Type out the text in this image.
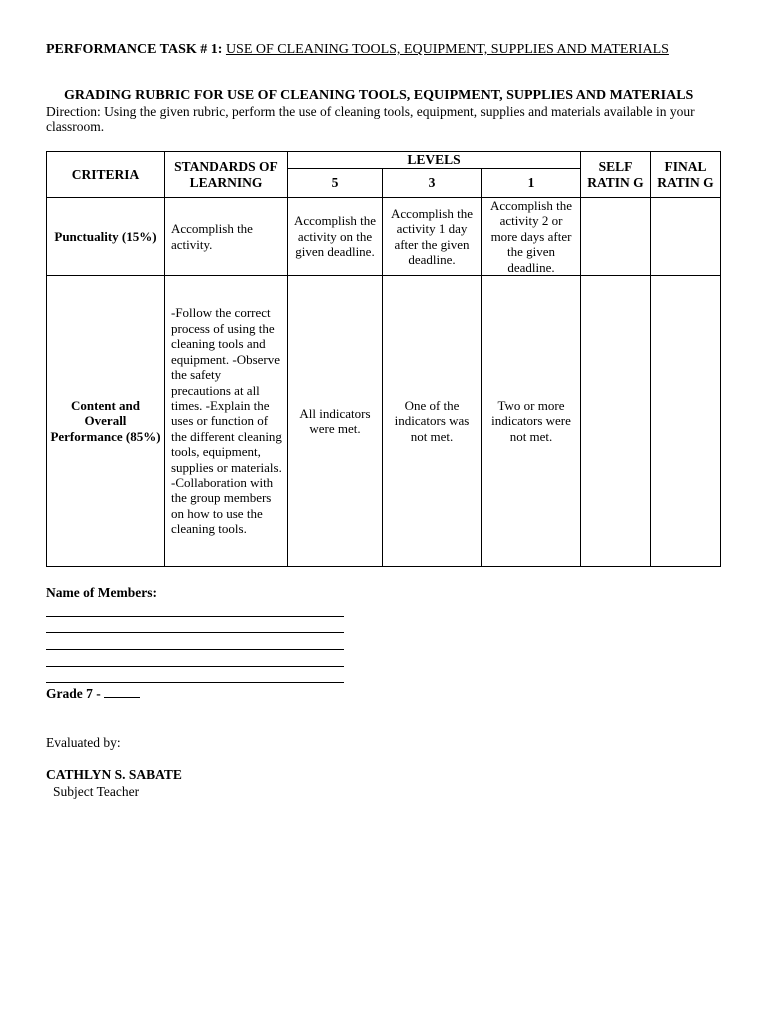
PERFORMANCE TASK # 1: USE OF CLEANING TOOLS, EQUIPMENT, SUPPLIES AND MATERIALS
GRADING RUBRIC FOR USE OF CLEANING TOOLS, EQUIPMENT, SUPPLIES AND MATERIALS
Direction: Using the given rubric, perform the use of cleaning tools, equipment, supplies and materials available in your classroom.
CRITERIA	STANDARDS OF LEARNING	LEVELS			SELF RATIN G	FINAL RATIN G
		5	3	1		
Punctuality (15%)	Accomplish the activity.	Accomplish the activity on the given deadline.	Accomplish the activity 1 day after the given deadline.	Accomplish the activity 2 or more days after the given deadline.		
Content and Overall Performance (85%)	-Follow the correct process of using the cleaning tools and equipment. -Observe the safety precautions at all times. -Explain the uses or function of the different cleaning tools, equipment, supplies or materials. -Collaboration with the group members on how to use the cleaning tools.	All indicators were met.	One of the indicators was not met.	Two or more indicators were not met.		
Name of Members:
Grade 7 -
Evaluated by:
CATHLYN S. SABATE
Subject Teacher
